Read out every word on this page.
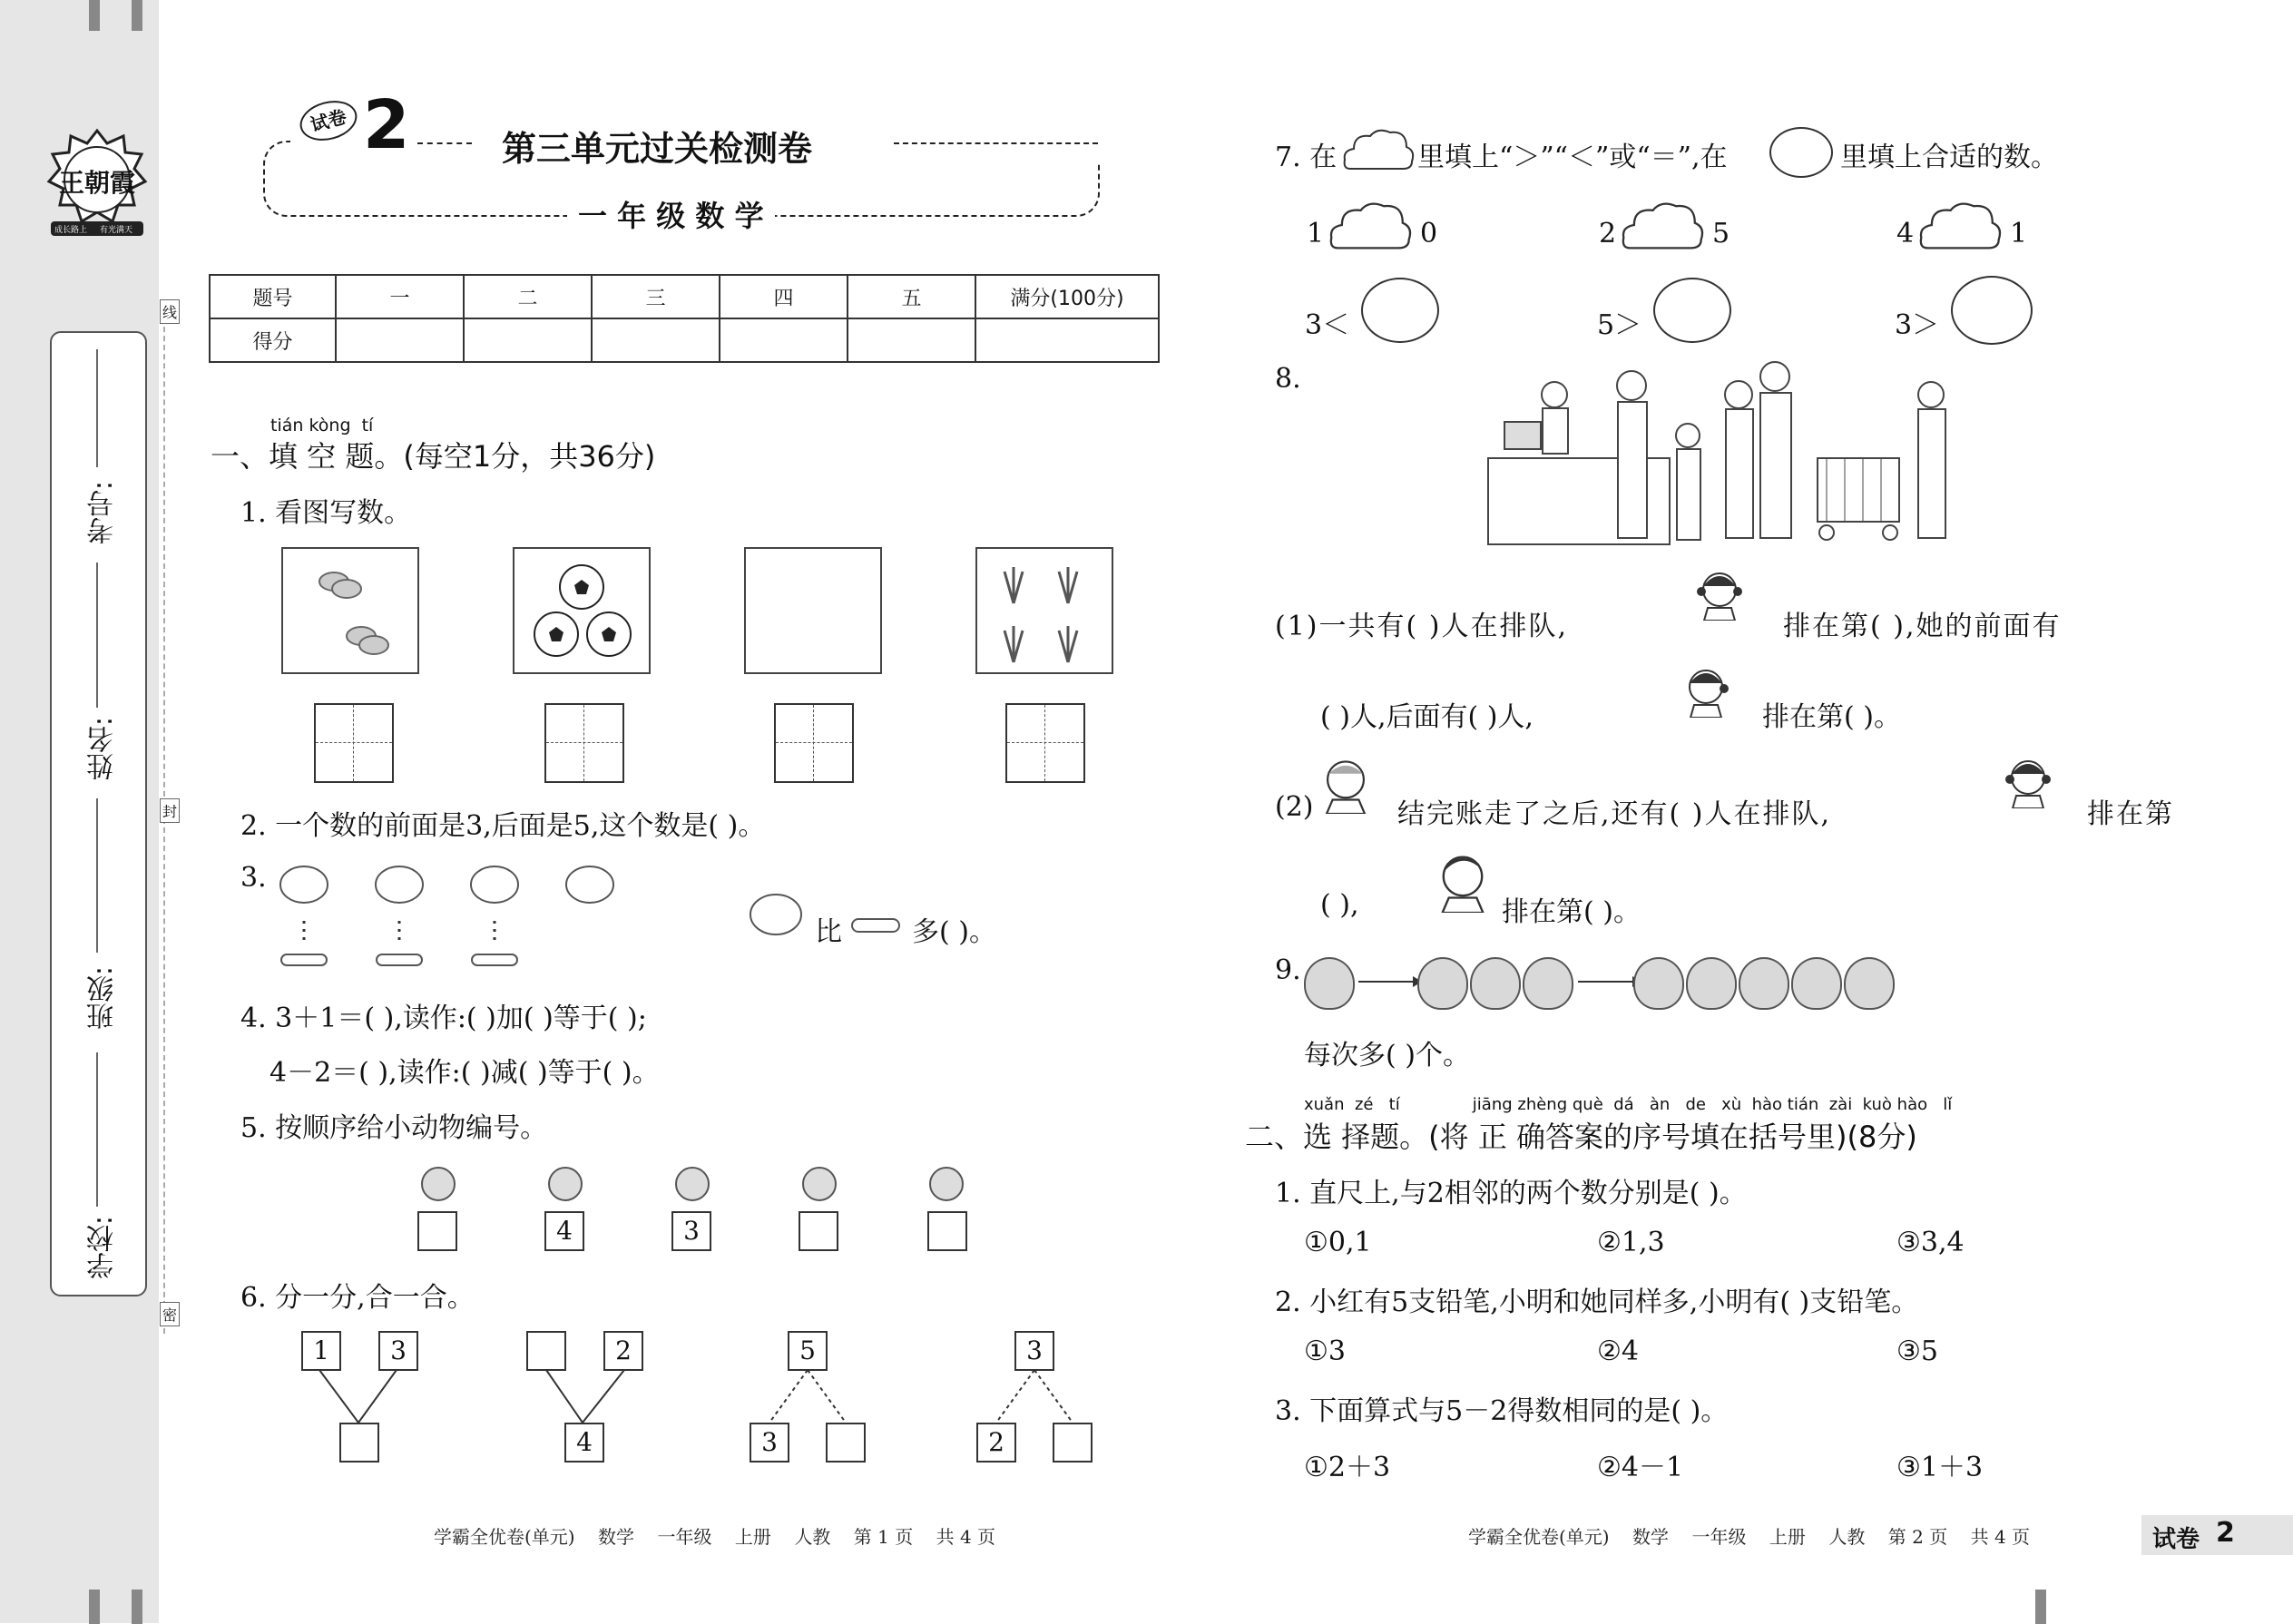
王朝霞
成长路上 有光满天
学校:
班级:
姓名:
考号:
线
封
密
试卷 2	第三单元过关检测卷
一 年 级 数 学
题号	一	二	三	四	五	满分(100分)
得分						
tián kòng  tí
一、填 空 题。(每空1分，共36分)
1. 看图写数。
2. 一个数的前面是3,后面是5,这个数是( )。
3.
比	多( )。
4. 3＋1＝( ),读作:( )加( )等于( );
4－2＝( ),读作:( )减( )等于( )。
5. 按顺序给小动物编号。
4	3
6. 分一分,合一合。
1	3	2
4
5
3
3
2
学霸全优卷(单元)    数学    一年级    上册    人教    第 1 页    共 4 页
7. 在	里填上“＞”“＜”或“＝”,在	里填上合适的数。
1	0	2	5	4	1
3＜	5＞	3＞
8.
(1)一共有( )人在排队,	排在第( ),她的前面有
( )人,后面有( )人,	排在第( )。
(2)	结完账走了之后,还有( )人在排队,	排在第
( ),	排在第( )。
9.
每次多( )个。
xuǎn  zé   tí              jiāng zhèng què  dá   àn   de   xù  hào tián  zài  kuò hào   lǐ
二、选 择题。(将 正 确答案的序号填在括号里)(8分)
1. 直尺上,与2相邻的两个数分别是( )。
①0,1	②1,3	③3,4
2. 小红有5支铅笔,小明和她同样多,小明有( )支铅笔。
①3	②4	③5
3. 下面算式与5－2得数相同的是( )。
①2＋3	②4－1	③1＋3
学霸全优卷(单元)    数学    一年级    上册    人教    第 2 页    共 4 页	试卷 2
